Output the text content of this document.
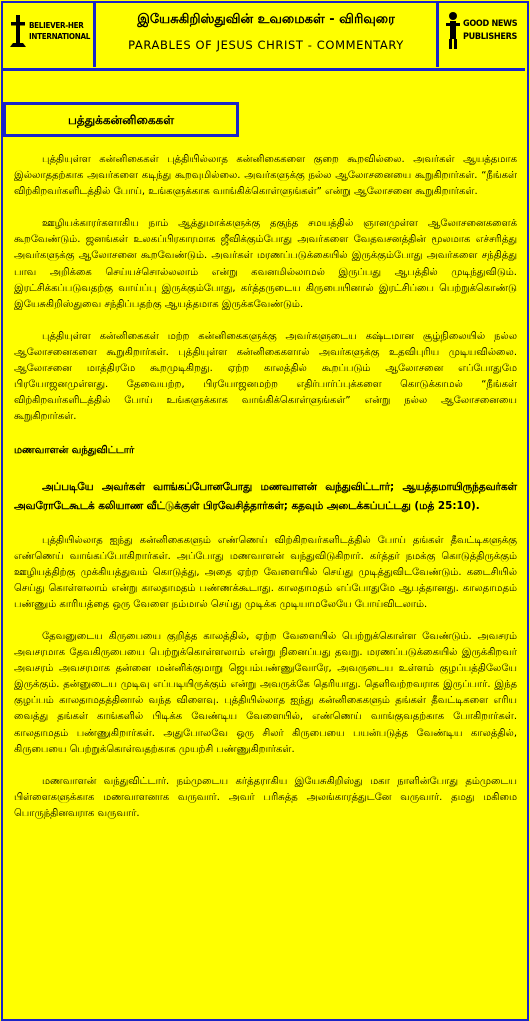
BELIEVER-HER
INTERNATIONAL
இயேசுகிறிஸ்துவின் உவமைகள் - விரிவுரை
PARABLES OF JESUS CHRIST - COMMENTARY
GOOD NEWS
PUBLISHERS
பத்துக்கன்னிகைகள்

புத்தியுள்ள கன்னிகைகள் புத்தியில்லாத கன்னிகைகளை குறை கூறவில்லை. அவர்கள் ஆயத்தமாக இல்லாததற்காக அவர்களை கடிந்து கூறவுமில்லை. அவர்களுக்கு நல்ல ஆலோசனையை கூறுகிறார்கள். “நீங்கள் விற்கிறவர்களிடத்தில் போய், உங்களுக்காக வாங்கிக்கொள்ளுங்கள்” என்று ஆலோசனை கூறுகிறார்கள்.

ஊழியக்காரர்களாகிய நாம் ஆத்துமாக்களுக்கு தகுந்த சமயத்தில் ஞானமுள்ள ஆலோசனைகளைக் கூறவேண்டும். ஜனங்கள் உலகப்பிரகாரமாக ஜீவிக்கும்போது அவர்களை வேதவசனத்தின் மூலமாக எச்சரித்து அவர்களுக்கு ஆலோசனை கூறவேண்டும். அவர்கள் மரணப்படுக்கையில் இருக்கும்போது அவர்களை சந்தித்து பாவ அறிக்கை செய்யச்சொல்லலாம் என்று கவனமில்லாமல் இருப்பது ஆபத்தில் முடிந்துவிடும். இரட்சிக்கப்படுவதற்கு வாய்ப்பு இருக்கும்போது, கர்த்தருடைய கிருபையினால் இரட்சிப்பை பெற்றுக்கொண்டு இயேசுகிறிஸ்துவை சந்திப்பதற்கு ஆயத்தமாக இருக்கவேண்டும்.

புத்தியுள்ள கன்னிகைகள் மற்ற கன்னிகைகளுக்கு அவர்களுடைய கஷ்டமான சூழ்நிலையில் நல்ல ஆலோசனைகளை கூறுகிறார்கள். புத்தியுள்ள கன்னிகைகளால் அவர்களுக்கு உதவிபுரிய முடியவில்லை. ஆலோசனை மாத்திரமே கூறமுடிகிறது. ஏற்ற காலத்தில் கூறப்படும் ஆலோசனை எப்போதுமே பிரயோஜனமுள்ளது. தேவையற்ற, பிரயோஜனமற்ற எதிர்பார்ப்புக்களை கொடுக்காமல் “நீங்கள் விற்கிறவர்களிடத்தில் போய் உங்களுக்காக வாங்கிக்கொள்ளுங்கள்” என்று நல்ல ஆலோசனையை கூறுகிறார்கள்.

மணவாளன் வந்துவிட்டார்

அப்படியே அவர்கள் வாங்கப்போனபோது மணவாளன் வந்துவிட்டார்; ஆயத்தமாயிருந்தவர்கள் அவரோடேகூடக் கலியாண வீட்டுக்குள் பிரவேசித்தார்கள்; கதவும் அடைக்கப்பட்டது (மத் 25:10).

புத்தியில்லாத ஐந்து கன்னிகைகளும் எண்ணெய் விற்கிறவர்களிடத்தில் போய் தங்கள் தீவட்டிகளுக்கு எண்ணெய் வாங்கப்போகிறார்கள். அப்போது மணவாளன் வந்துவிடுகிறார். கர்த்தர் நமக்கு கொடுத்திருக்கும் ஊழியத்திற்கு முக்கியத்துவம் கொடுத்து, அதை ஏற்ற வேளையில் செய்து முடித்துவிடவேண்டும். கடைசியில் செய்து கொள்ளலாம் என்று காலதாமதம் பண்ணக்கூடாது. காலதாமதம் எப்போதுமே ஆபத்தானது. காலதாமதம் பண்ணும் காரியத்தை ஒரு வேளை நம்மால் செய்து முடிக்க முடியாமலேயே போய்விடலாம்.

தேவனுடைய கிருபையை குறித்த காலத்தில், ஏற்ற வேளையில் பெற்றுக்கொள்ள வேண்டும். அவசரம் அவசரமாக தேவகிருபையை பெற்றுக்கொள்ளலாம் என்று நினைப்பது தவறு. மரணப்படுக்கையில் இருக்கிறவர் அவசரம் அவசரமாக தன்னை மன்னிக்குமாறு ஜெபம்பண்ணுவோரே, அவருடைய உள்ளம் குழப்பத்திலேயே இருக்கும். தன்னுடைய முடிவு எப்படியிருக்கும் என்று அவருக்கே தெரியாது. தெளிவற்றவராக இருப்பார். இந்த குழப்பம் காலதாமதத்தினால் வந்த விளைவு. புத்தியில்லாத ஐந்து கன்னிகைகளும் தங்கள் தீவட்டிகளை எரிய வைத்து தங்கள் காங்களில் பிடிக்க வேண்டிய வேளையில், எண்ணெய் வாங்குவதற்காக போகிறார்கள். காலதாமதம் பண்ணுகிறார்கள். அதுபோலவே ஒரு சிலர் கிருபையை பயன்படுத்த வேண்டிய காலத்தில், கிருபையை பெற்றுக்கொள்வதற்காக முயற்சி பண்ணுகிறார்கள்.

மணவாளன் வந்துவிட்டார். நம்முடைய கர்த்தராகிய இயேசுகிறிஸ்து மகா நாளின்போது தம்முடைய பிள்ளைகளுக்காக மணவாளனாக வருவார். அவர் பரிசுத்த அலங்காரத்துடனே வருவார். தமது மகிமை பொருந்தினவராக வருவார்.
